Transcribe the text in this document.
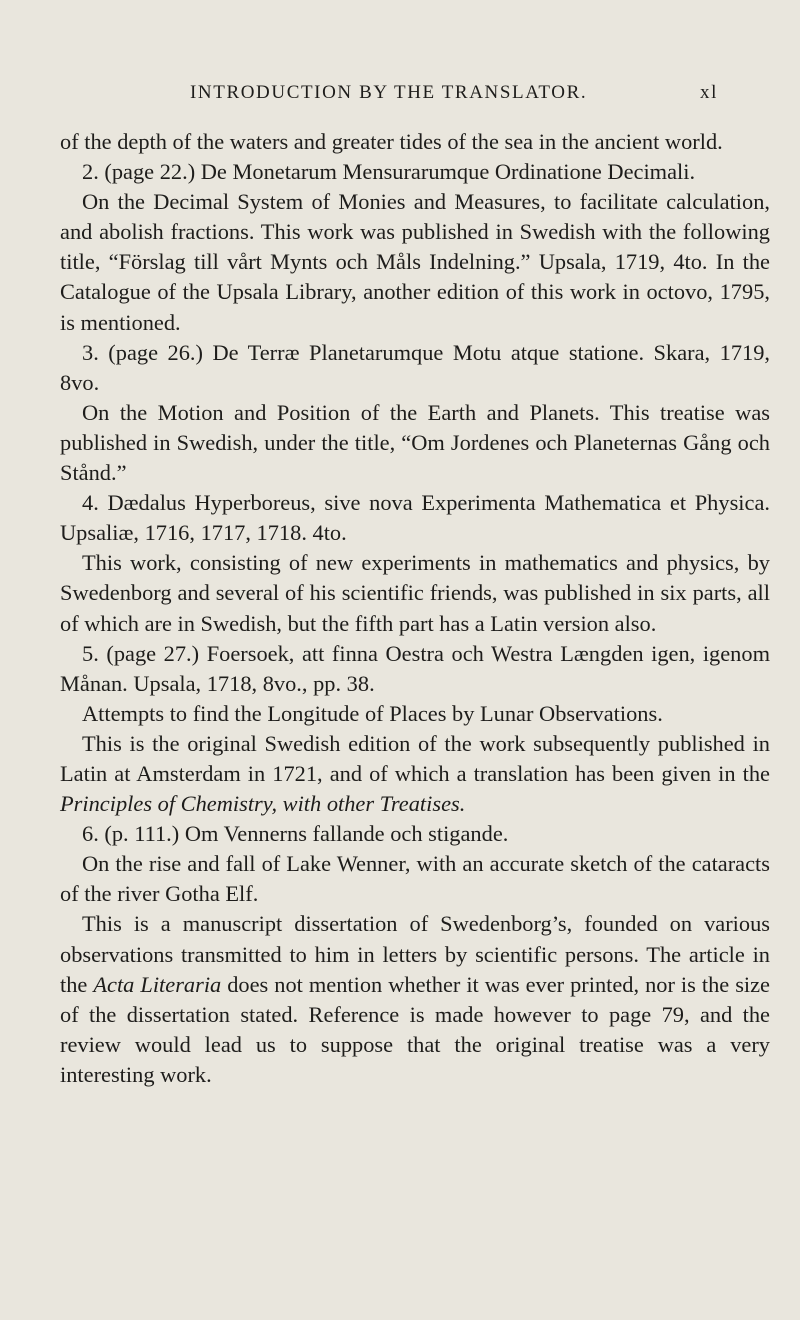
INTRODUCTION BY THE TRANSLATOR.	xl

of the depth of the waters and greater tides of the sea in the ancient world.

2. (page 22.) De Monetarum Mensurarumque Ordinatione Decimali.

On the Decimal System of Monies and Measures, to facilitate calculation, and abolish fractions. This work was published in Swedish with the following title, “Förslag till vårt Mynts och Måls Indelning.” Upsala, 1719, 4to. In the Catalogue of the Upsala Library, another edition of this work in octovo, 1795, is mentioned.

3. (page 26.) De Terræ Planetarumque Motu atque statione. Skara, 1719, 8vo.

On the Motion and Position of the Earth and Planets. This treatise was published in Swedish, under the title, “Om Jordenes och Planeternas Gång och Stånd.”

4. Dædalus Hyperboreus, sive nova Experimenta Mathematica et Physica. Upsaliæ, 1716, 1717, 1718. 4to.

This work, consisting of new experiments in mathematics and physics, by Swedenborg and several of his scientific friends, was published in six parts, all of which are in Swedish, but the fifth part has a Latin version also.

5. (page 27.) Foersoek, att finna Oestra och Westra Længden igen, igenom Månan. Upsala, 1718, 8vo., pp. 38.

Attempts to find the Longitude of Places by Lunar Observations.

This is the original Swedish edition of the work subsequently published in Latin at Amsterdam in 1721, and of which a translation has been given in the Principles of Chemistry, with other Treatises.

6. (p. 111.) Om Vennerns fallande och stigande.

On the rise and fall of Lake Wenner, with an accurate sketch of the cataracts of the river Gotha Elf.

This is a manuscript dissertation of Swedenborg’s, founded on various observations transmitted to him in letters by scientific persons. The article in the Acta Literaria does not mention whether it was ever printed, nor is the size of the dissertation stated. Reference is made however to page 79, and the review would lead us to suppose that the original treatise was a very interesting work.
